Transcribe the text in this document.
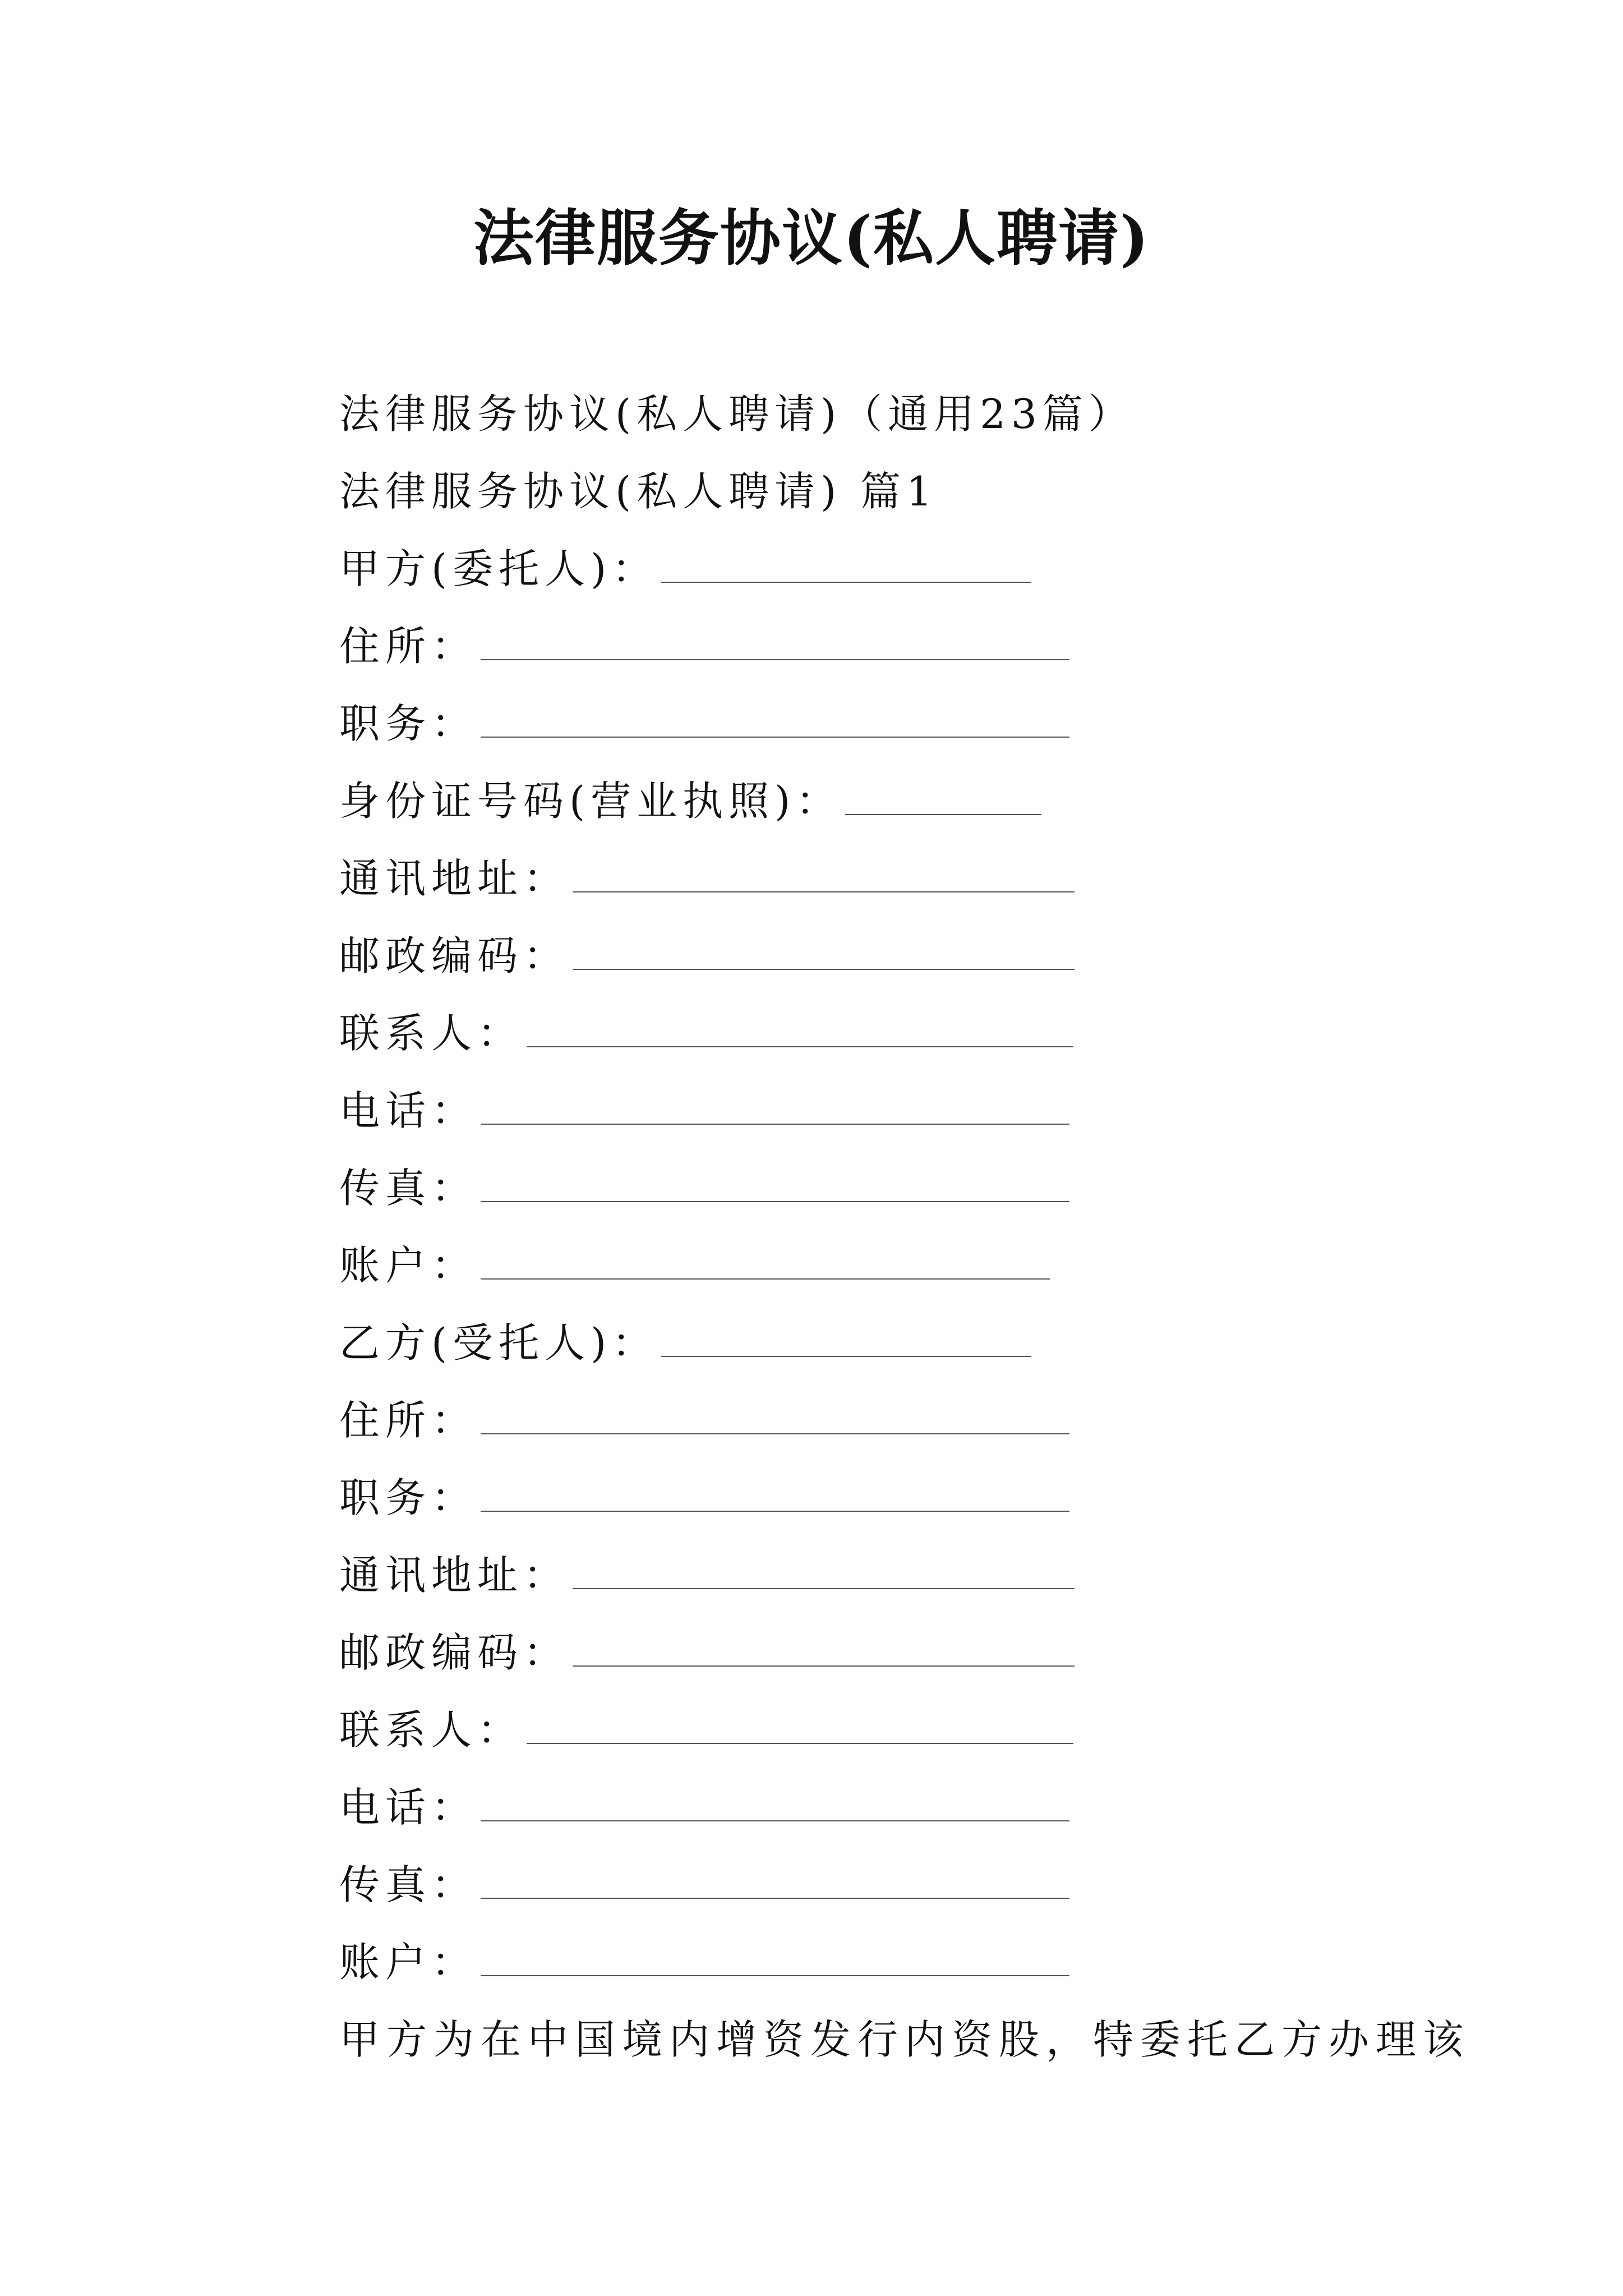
法律服务协议(私人聘请)
法律服务协议(私人聘请)（通用23篇）
法律服务协议(私人聘请) 篇1
甲方(委托人)：
住所：
职务：
身份证号码(营业执照)：
通讯地址：
邮政编码：
联系人：
电话：
传真：
账户：
乙方(受托人)：
住所：
职务：
通讯地址：
邮政编码：
联系人：
电话：
传真：
账户：
甲方为在中国境内增资发行内资股，特委托乙方办理该
